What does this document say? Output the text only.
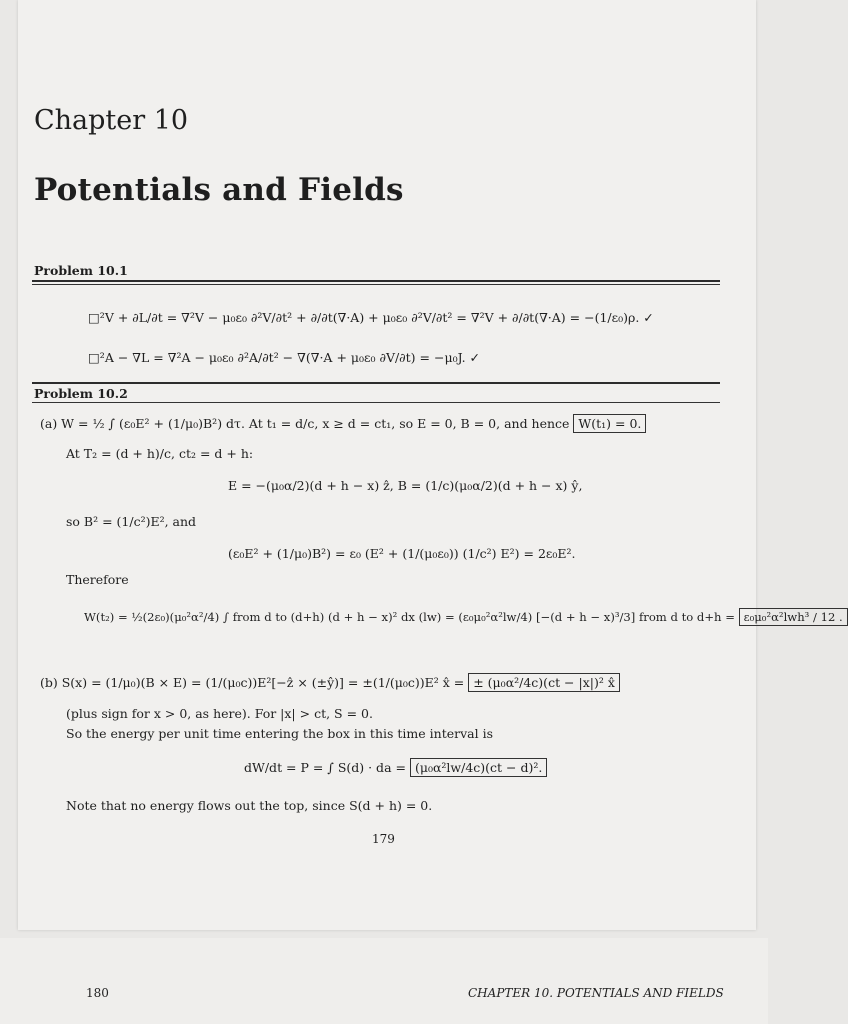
Chapter 10
Potentials and Fields
Problem 10.1
□²V + ∂L/∂t = ∇²V − μ₀ε₀ ∂²V/∂t² + ∂/∂t(∇·A) + μ₀ε₀ ∂²V/∂t² = ∇²V + ∂/∂t(∇·A) = −(1/ε₀)ρ. ✓
□²A − ∇L = ∇²A − μ₀ε₀ ∂²A/∂t² − ∇(∇·A + μ₀ε₀ ∂V/∂t) = −μ₀J. ✓
Problem 10.2
(a) W = ½ ∫ (ε₀E² + (1/μ₀)B²) dτ. At t₁ = d/c, x ≥ d = ct₁, so E = 0, B = 0, and hence W(t₁) = 0.
At T₂ = (d + h)/c, ct₂ = d + h:
E = −(μ₀α/2)(d + h − x) ẑ, B = (1/c)(μ₀α/2)(d + h − x) ŷ,
so B² = (1/c²)E², and
(ε₀E² + (1/μ₀)B²) = ε₀ (E² + (1/(μ₀ε₀)) (1/c²) E²) = 2ε₀E².
Therefore
W(t₂) = ½(2ε₀)(μ₀²α²/4) ∫ from d to (d+h) (d + h − x)² dx (lw) = (ε₀μ₀²α²lw/4) [−(d + h − x)³/3] from d to d+h = ε₀μ₀²α²lwh³ / 12 .
(b) S(x) = (1/μ₀)(B × E) = (1/(μ₀c))E²[−ẑ × (±ŷ)] = ±(1/(μ₀c))E² x̂ = ± (μ₀α²/4c)(ct − |x|)² x̂
(plus sign for x > 0, as here). For |x| > ct, S = 0.
So the energy per unit time entering the box in this time interval is
dW/dt = P = ∫ S(d) · da = (μ₀α²lw/4c)(ct − d)².
Note that no energy flows out the top, since S(d + h) = 0.
179
180	CHAPTER 10. POTENTIALS AND FIELDS
